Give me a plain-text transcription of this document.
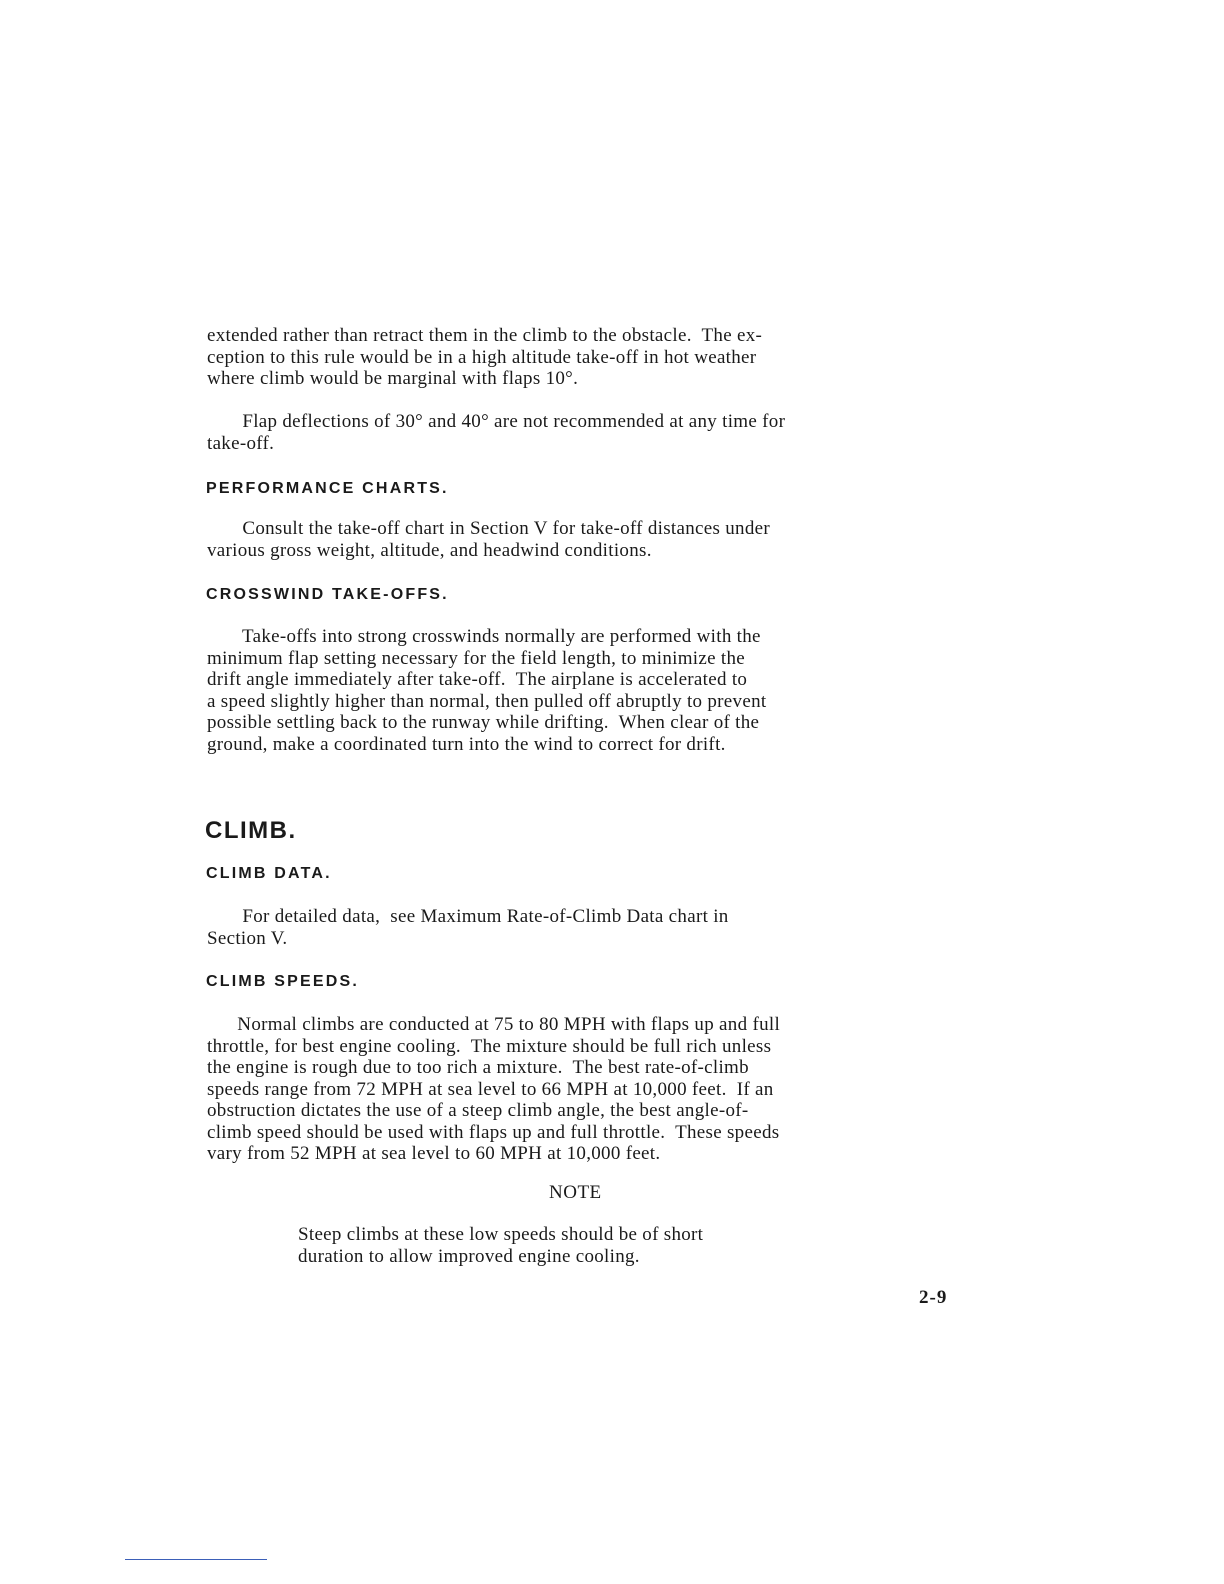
extended rather than retract them in the climb to the obstacle.  The ex-
ception to this rule would be in a high altitude take-off in hot weather
where climb would be marginal with flaps 10°.

Flap deflections of 30° and 40° are not recommended at any time for
take-off.

PERFORMANCE CHARTS.

Consult the take-off chart in Section V for take-off distances under
various gross weight, altitude, and headwind conditions.

CROSSWIND TAKE-OFFS.

Take-offs into strong crosswinds normally are performed with the
minimum flap setting necessary for the field length, to minimize the
drift angle immediately after take-off.  The airplane is accelerated to
a speed slightly higher than normal, then pulled off abruptly to prevent
possible settling back to the runway while drifting.  When clear of the
ground, make a coordinated turn into the wind to correct for drift.

CLIMB.
CLIMB DATA.

For detailed data,  see Maximum Rate-of-Climb Data chart in
Section V.

CLIMB SPEEDS.

Normal climbs are conducted at 75 to 80 MPH with flaps up and full
throttle, for best engine cooling.  The mixture should be full rich unless
the engine is rough due to too rich a mixture.  The best rate-of-climb
speeds range from 72 MPH at sea level to 66 MPH at 10,000 feet.  If an
obstruction dictates the use of a steep climb angle, the best angle-of-
climb speed should be used with flaps up and full throttle.  These speeds
vary from 52 MPH at sea level to 60 MPH at 10,000 feet.

NOTE

Steep climbs at these low speeds should be of short
duration to allow improved engine cooling.

2-9
